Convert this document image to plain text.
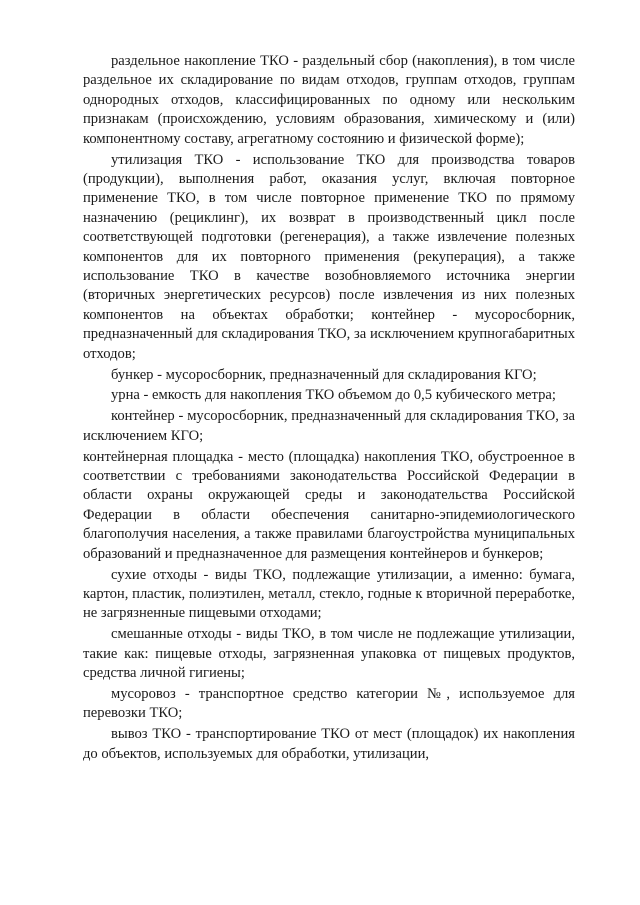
раздельное накопление ТКО - раздельный сбор (накопления), в том числе раздельное их складирование по видам отходов, группам отходов, группам однородных отходов, классифицированных по одному или нескольким признакам (происхождению, условиям образования, химическому и (или) компонентному составу, агрегатному состоянию и физической форме);

утилизация ТКО - использование ТКО для производства товаров (продукции), выполнения работ, оказания услуг, включая повторное применение ТКО, в том числе повторное применение ТКО по прямому назначению (рециклинг), их возврат в производственный цикл после соответствующей подготовки (регенерация), а также извлечение полезных компонентов для их повторного применения (рекуперация), а также использование ТКО в качестве возобновляемого источника энергии (вторичных энергетических ресурсов) после извлечения из них полезных компонентов на объектах обработки; контейнер - мусоросборник, предназначенный для складирования ТКО, за исключением крупногабаритных отходов;

бункер - мусоросборник, предназначенный для складирования КГО;

урна - емкость для накопления ТКО объемом до 0,5 кубического метра;

контейнер - мусоросборник, предназначенный для складирования ТКО, за исключением КГО;

контейнерная площадка - место (площадка) накопления ТКО, обустроенное в соответствии с требованиями законодательства Российской Федерации в области охраны окружающей среды и законодательства Российской Федерации в области обеспечения санитарно-эпидемиологического благополучия населения, а также правилами благоустройства муниципальных образований и предназначенное для размещения контейнеров и бункеров;

сухие отходы - виды ТКО, подлежащие утилизации, а именно: бумага, картон, пластик, полиэтилен, металл, стекло, годные к вторичной переработке, не загрязненные пищевыми отходами;

смешанные отходы - виды ТКО, в том числе не подлежащие утилизации, такие как: пищевые отходы, загрязненная упаковка от пищевых продуктов, средства личной гигиены;

мусоровоз - транспортное средство категории №, используемое для перевозки ТКО;

вывоз ТКО - транспортирование ТКО от мест (площадок) их накопления до объектов, используемых для обработки, утилизации,
